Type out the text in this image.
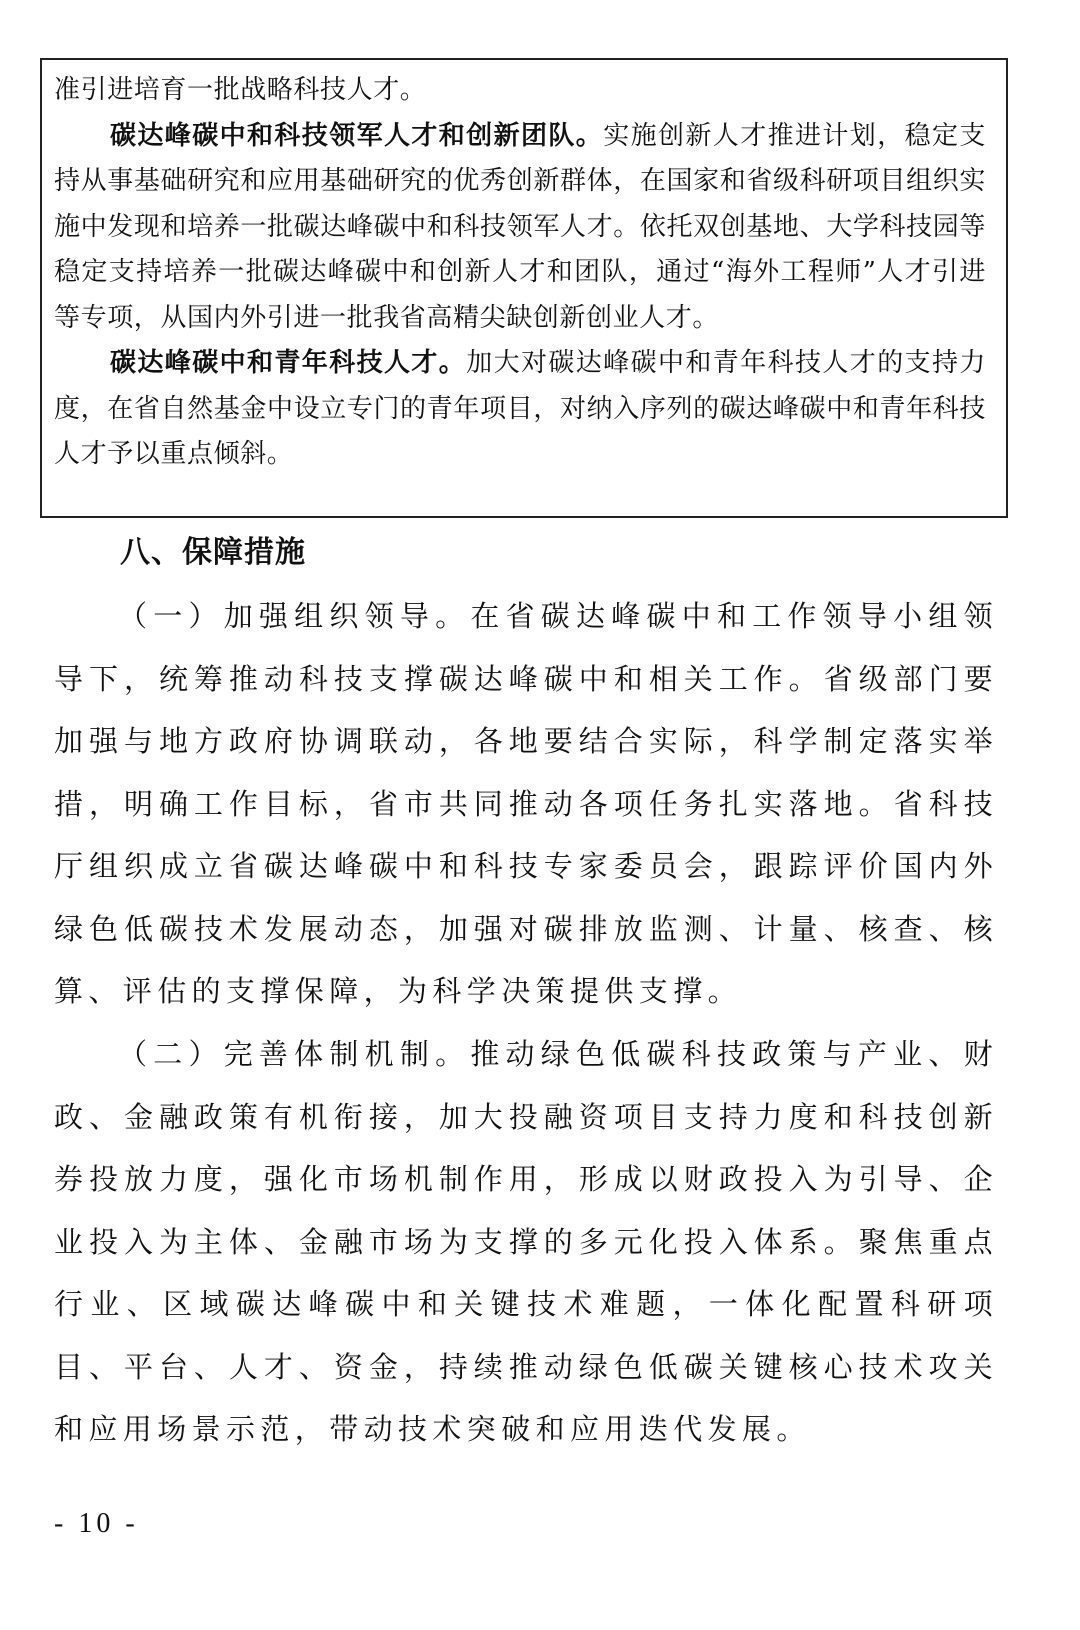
准引进培育一批战略科技人才。

碳达峰碳中和科技领军人才和创新团队。实施创新人才推进计划，稳定支持从事基础研究和应用基础研究的优秀创新群体，在国家和省级科研项目组织实施中发现和培养一批碳达峰碳中和科技领军人才。依托双创基地、大学科技园等稳定支持培养一批碳达峰碳中和创新人才和团队，通过“海外工程师”人才引进等专项，从国内外引进一批我省高精尖缺创新创业人才。

碳达峰碳中和青年科技人才。加大对碳达峰碳中和青年科技人才的支持力度，在省自然基金中设立专门的青年项目，对纳入序列的碳达峰碳中和青年科技人才予以重点倾斜。

八、保障措施

（一）加强组织领导。在省碳达峰碳中和工作领导小组领导下，统筹推动科技支撑碳达峰碳中和相关工作。省级部门要加强与地方政府协调联动，各地要结合实际，科学制定落实举措，明确工作目标，省市共同推动各项任务扎实落地。省科技厅组织成立省碳达峰碳中和科技专家委员会，跟踪评价国内外绿色低碳技术发展动态，加强对碳排放监测、计量、核查、核算、评估的支撑保障，为科学决策提供支撑。

（二）完善体制机制。推动绿色低碳科技政策与产业、财政、金融政策有机衔接，加大投融资项目支持力度和科技创新券投放力度，强化市场机制作用，形成以财政投入为引导、企业投入为主体、金融市场为支撑的多元化投入体系。聚焦重点行业、区域碳达峰碳中和关键技术难题，一体化配置科研项目、平台、人才、资金，持续推动绿色低碳关键核心技术攻关和应用场景示范，带动技术突破和应用迭代发展。

- 10 -
